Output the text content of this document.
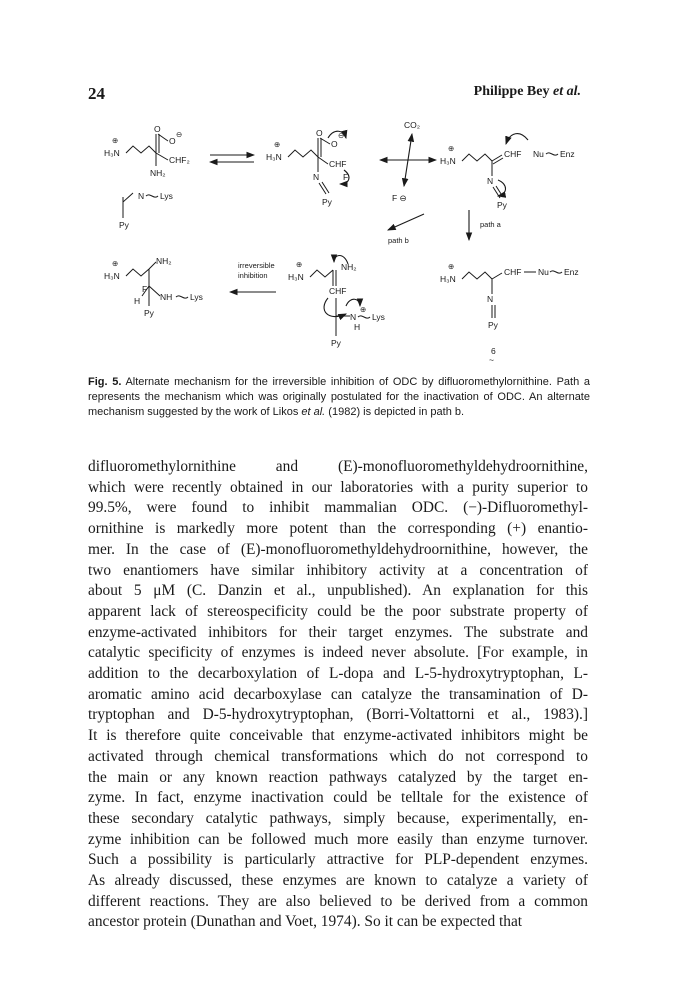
24	Philippe Bey et al.
⊕
H₃N
O
O
⊖
CHF₂
NH₂
N Lys
Py
⊕
H₃N
O
O
⊖
CHF
F
N
Py
CO₂
F ⊖
⊕
H₃N
CHF Nu Enz
N
Py
path a
path b
⊕
H₃N
NH₂
F
H NH Lys
Py
irreversible
inhibition
⊕
H₃N
NH₂
CHF
N
⊕
Lys
H
Py
⊕
H₃N
CHF Nu Enz
N
Py
6
~
Fig. 5. Alternate mechanism for the irreversible inhibition of ODC by difluoromethylornithine. Path a represents the mechanism which was originally postulated for the inactivation of ODC. An alternate mechanism suggested by the work of Likos et al. (1982) is depicted in path b.

difluoromethylornithine and (E)-monofluoromethyldehydroornithine,
which were recently obtained in our laboratories with a purity superior to
99.5%, were found to inhibit mammalian ODC. (−)-Difluoromethyl-
ornithine is markedly more potent than the corresponding (+) enantio-
mer. In the case of (E)-monofluoromethyldehydroornithine, however, the
two enantiomers have similar inhibitory activity at a concentration of
about 5 μM (C. Danzin et al., unpublished). An explanation for this
apparent lack of stereospecificity could be the poor substrate property of
enzyme-activated inhibitors for their target enzymes. The substrate and
catalytic specificity of enzymes is indeed never absolute. [For example, in
addition to the decarboxylation of L-dopa and L-5-hydroxytryptophan, L-
aromatic amino acid decarboxylase can catalyze the transamination of D-
tryptophan and D-5-hydroxytryptophan, (Borri-Voltattorni et al., 1983).]
It is therefore quite conceivable that enzyme-activated inhibitors might be
activated through chemical transformations which do not correspond to
the main or any known reaction pathways catalyzed by the target en-
zyme. In fact, enzyme inactivation could be telltale for the existence of
these secondary catalytic pathways, simply because, experimentally, en-
zyme inhibition can be followed much more easily than enzyme turnover.
Such a possibility is particularly attractive for PLP-dependent enzymes.
As already discussed, these enzymes are known to catalyze a variety of
different reactions. They are also believed to be derived from a common
ancestor protein (Dunathan and Voet, 1974). So it can be expected that
